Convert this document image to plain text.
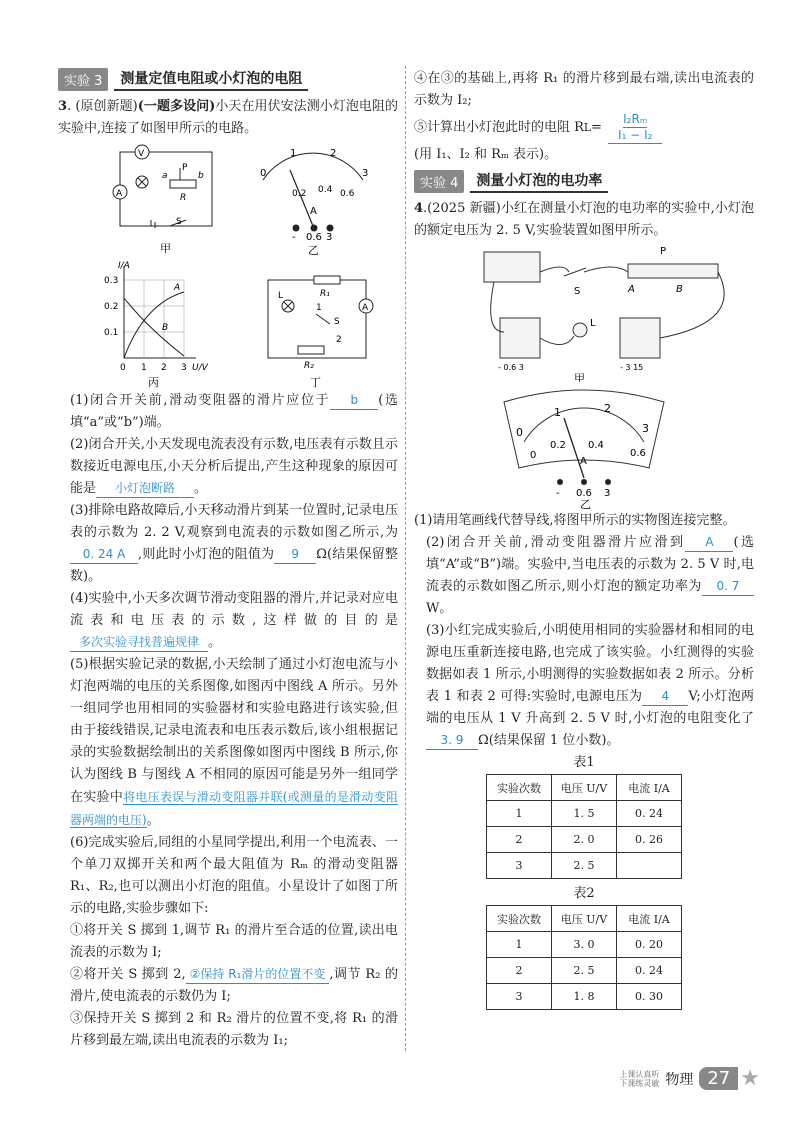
实验 3	测量定值电阻或小灯泡的电阻

3. (原创新题)(一题多设问)小天在用伏安法测小灯泡电阻的实验中,连接了如图甲所示的电路。

V
A
a
P
b
R
S
甲
0
1	2
3
0.2 0.4 0.6
A
- 0.6 3
乙
I/A
U/V
0.3
0.2
0.1
0 1 2 3
A
B
丙
L	R₁
A
1
S
2
R₂
丁

(1)闭合开关前,滑动变阻器的滑片应位于 b (选填“a”或“b”)端。

(2)闭合开关,小天发现电流表没有示数,电压表有示数且示数接近电源电压,小天分析后提出,产生这种现象的原因可能是 小灯泡断路 。

(3)排除电路故障后,小天移动滑片到某一位置时,记录电压表的示数为 2. 2 V,观察到电流表的示数如图乙所示,为0. 24 A ,则此时小灯泡的阻值为 9 Ω(结果保留整数)。

(4)实验中,小天多次调节滑动变阻器的滑片,并记录对应电流表和电压表的示数,这样做的目的是多次实验寻找普遍规律 。

(5)根据实验记录的数据,小天绘制了通过小灯泡电流与小灯泡两端的电压的关系图像,如图丙中图线 A 所示。另外一组同学也用相同的实验器材和实验电路进行该实验,但由于接线错误,记录电流表和电压表示数后,该小组根据记录的实验数据绘制出的关系图像如图丙中图线 B 所示,你认为图线 B 与图线 A 不相同的原因可能是另外一组同学在实验中将电压表误与滑动变阻器并联(或测量的是滑动变阻器两端的电压)。

(6)完成实验后,同组的小星同学提出,利用一个电流表、一个单刀双掷开关和两个最大阻值为 Rₘ 的滑动变阻器 R₁、R₂,也可以测出小灯泡的阻值。小星设计了如图丁所示的电路,实验步骤如下:

①将开关 S 掷到 1,调节 R₁ 的滑片至合适的位置,读出电流表的示数为 I;

②将开关 S 掷到 2, ②保持 R₁滑片的位置不变 ,调节 R₂ 的滑片,使电流表的示数仍为 I;

③保持开关 S 掷到 2 和 R₂ 滑片的位置不变,将 R₁ 的滑片移到最左端,读出电流表的示数为 I₁;

④在③的基础上,再将 R₁ 的滑片移到最右端,读出电流表的示数为 I₂;

⑤计算出小灯泡此时的电阻 R $L = \frac{\text{I₂Rₘ}}{\text{I₁ − I₂}}$
(用 I₁、I₂ 和 Rₘ 表示)。

实验 4	测量小灯泡的电功率

4.(2025 新疆)小红在测量小灯泡的电功率的实验中,小灯泡的额定电压为 2. 5 V,实验装置如图甲所示。

P
S	A	B
L
- 0.6 3	- 3 15
甲
0
1	2
3
0.2 0.4
0.6
0
A
- 0.6 3
乙

(1)请用笔画线代替导线,将图甲所示的实物图连接完整。

(2)闭合开关前,滑动变阻器滑片应滑到 A (选填“A”或“B”)端。实验中,当电压表的示数为 2. 5 V 时,电流表的示数如图乙所示,则小灯泡的额定功率为 0. 7W。

(3)小红完成实验后,小明使用相同的实验器材和相同的电源电压重新连接电路,也完成了该实验。小红测得的实验数据如表 1 所示,小明测得的实验数据如表 2 所示。分析表 1 和表 2 可得:实验时,电源电压为 4 V;小灯泡两端的电压从 1 V 升高到 2. 5 V 时,小灯泡的电阻变化了3. 9 Ω(结果保留 1 位小数)。

表1
实验次数	电压 U/V	电流 I/A
1	1. 5	0. 24
2	2. 0	0. 26
3	2. 5	
表2
实验次数	电压 U/V	电流 I/A
1	3. 0	0. 20
2	2. 5	0. 24
3	1. 8	0. 30
上课认真听
下课练灵敏 物理 27 ★
